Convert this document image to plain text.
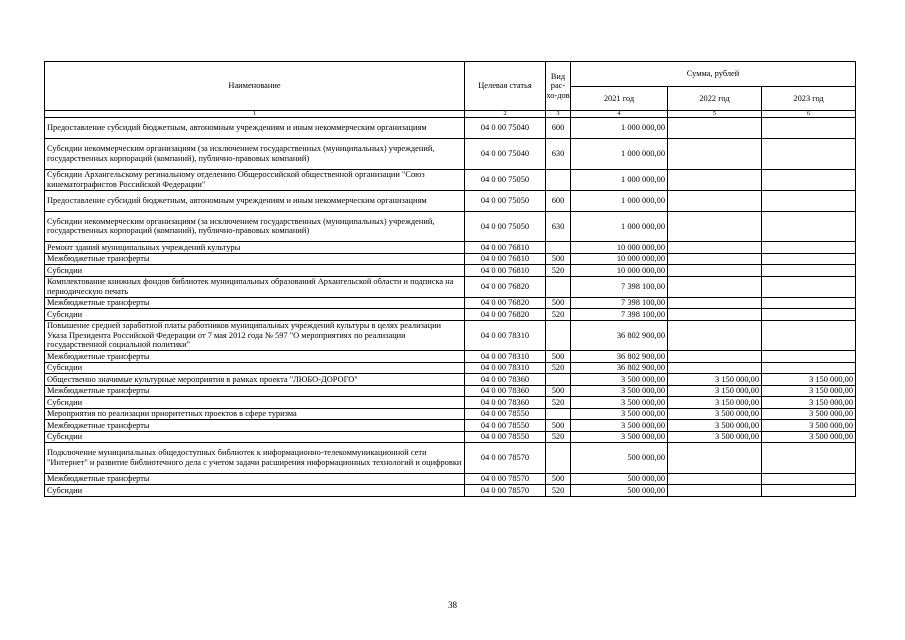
Наименование	Целевая статья	Вид рас-хо-дов	Сумма, рублей		
			2021 год	2022 год	2023 год
1	2	3	4	5	6
Предоставление субсидий бюджетным, автономным учреждениям и иным некоммерческим организациям	04 0 00 75040	600	1 000 000,00		
Субсидии некоммерческим организациям (за исключением государственных (муниципальных) учреждений, государственных корпораций (компаний), публично-правовых компаний)	04 0 00 75040	630	1 000 000,00		
Субсидии Архангельскому регинальному отделению Общероссийской общественной организации "Союз кинематографистов Российской Федерации"	04 0 00 75050		1 000 000,00		
Предоставление субсидий бюджетным, автономным учреждениям и иным некоммерческим организациям	04 0 00 75050	600	1 000 000,00		
Субсидии некоммерческим организациям (за исключением государственных (муниципальных) учреждений, государственных корпораций (компаний), публично-правовых компаний)	04 0 00 75050	630	1 000 000,00		
Ремонт зданий муниципальных учреждений культуры	04 0 00 76810		10 000 000,00		
Межбюджетные трансферты	04 0 00 76810	500	10 000 000,00		
Субсидии	04 0 00 76810	520	10 000 000,00		
Комплектование книжных фондов библиотек муниципальных образований Архангельской области и подписка на периодическую печать	04 0 00 76820		7 398 100,00		
Межбюджетные трансферты	04 0 00 76820	500	7 398 100,00		
Субсидии	04 0 00 76820	520	7 398 100,00		
Повышение средней заработной платы работников муниципальных учреждений культуры в целях реализации Указа Президента Российской Федерации от 7 мая 2012 года № 597 "О мероприятиях по реализации государственной социальной политики"	04 0 00 78310		36 802 900,00		
Межбюджетные трансферты	04 0 00 78310	500	36 802 900,00		
Субсидии	04 0 00 78310	520	36 802 900,00		
Общественно значимые культурные мероприятия в рамках проекта "ЛЮБО-ДОРОГО"	04 0 00 78360		3 500 000,00	3 150 000,00	3 150 000,00
Межбюджетные трансферты	04 0 00 78360	500	3 500 000,00	3 150 000,00	3 150 000,00
Субсидии	04 0 00 78360	520	3 500 000,00	3 150 000,00	3 150 000,00
Мероприятия по реализации приоритетных проектов в сфере туризма	04 0 00 78550		3 500 000,00	3 500 000,00	3 500 000,00
Межбюджетные трансферты	04 0 00 78550	500	3 500 000,00	3 500 000,00	3 500 000,00
Субсидии	04 0 00 78550	520	3 500 000,00	3 500 000,00	3 500 000,00
Подключение муниципальных общедоступных библиотек к информационно-телекоммуникационной сети "Интернет" и развитие библиотечного дела с учетом задачи расширения информационных технологий и оцифровки	04 0 00 78570		500 000,00		
Межбюджетные трансферты	04 0 00 78570	500	500 000,00		
Субсидии	04 0 00 78570	520	500 000,00		
38
